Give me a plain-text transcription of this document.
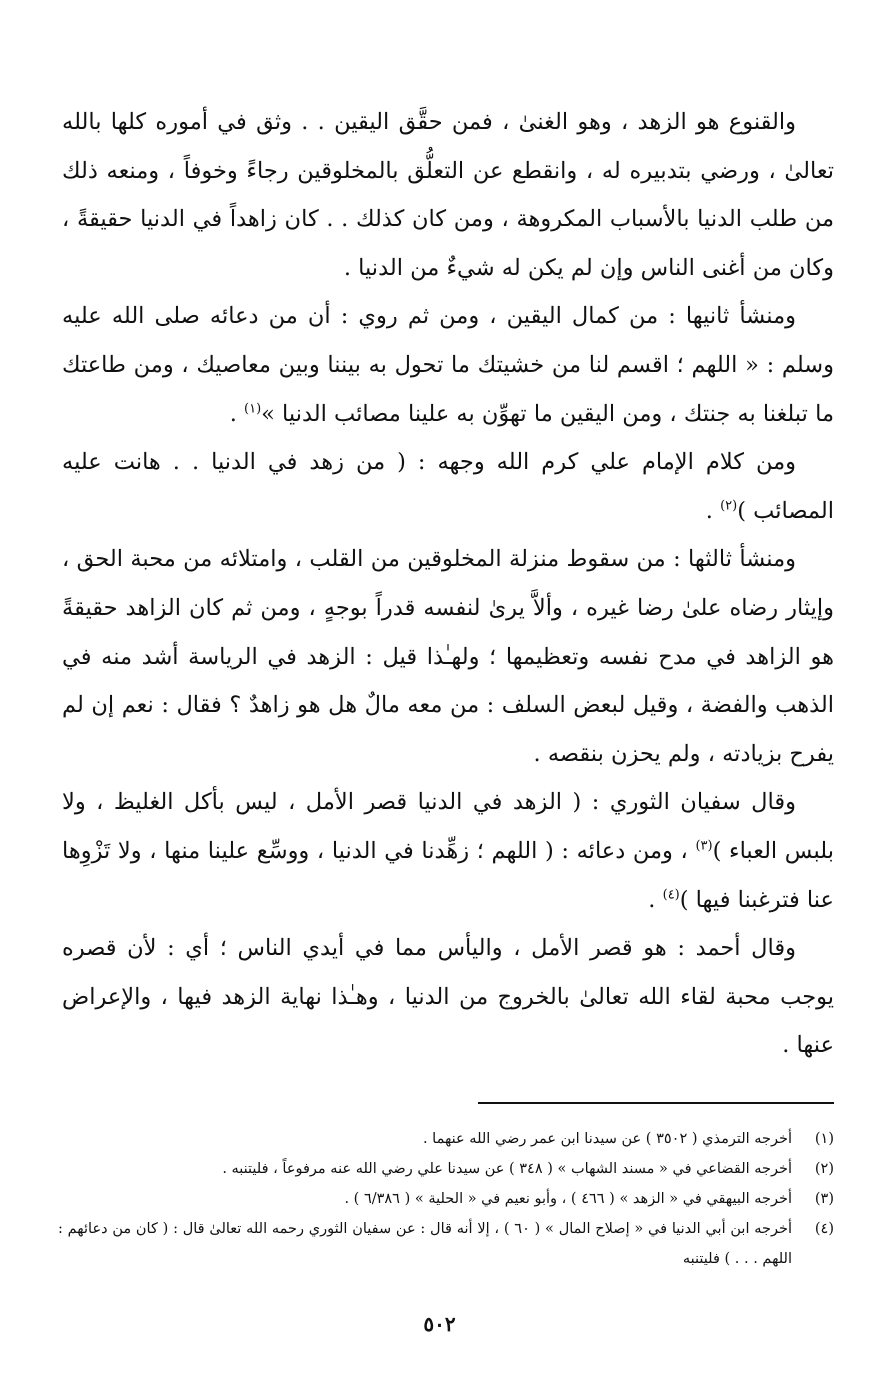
والقنوع هو الزهد ، وهو الغنىٰ ، فمن حقَّق اليقين . . وثق في أموره كلها بالله تعالىٰ ، ورضي بتدبيره له ، وانقطع عن التعلُّق بالمخلوقين رجاءً وخوفاً ، ومنعه ذلك من طلب الدنيا بالأسباب المكروهة ، ومن كان كذلك . . كان زاهداً في الدنيا حقيقةً ، وكان من أغنى الناس وإن لم يكن له شيءٌ من الدنيا .

ومنشأ ثانيها : من كمال اليقين ، ومن ثم روي : أن من دعائه صلى الله عليه وسلم : « اللهم ؛ اقسم لنا من خشيتك ما تحول به بيننا وبين معاصيك ، ومن طاعتك ما تبلغنا به جنتك ، ومن اليقين ما تهوِّن به علينا مصائب الدنيا »$^{(١)}$ .

ومن كلام الإمام علي كرم الله وجهه : ( من زهد في الدنيا . . هانت عليه المصائب )$^{(٢)}$ .

ومنشأ ثالثها : من سقوط منزلة المخلوقين من القلب ، وامتلائه من محبة الحق ، وإيثار رضاه علىٰ رضا غيره ، وألاَّ يرىٰ لنفسه قدراً بوجهٍ ، ومن ثم كان الزاهد حقيقةً هو الزاهد في مدح نفسه وتعظيمها ؛ ولهـٰذا قيل : الزهد في الرياسة أشد منه في الذهب والفضة ، وقيل لبعض السلف : من معه مالٌ هل هو زاهدٌ ؟ فقال : نعم إن لم يفرح بزيادته ، ولم يحزن بنقصه .

وقال سفيان الثوري : ( الزهد في الدنيا قصر الأمل ، ليس بأكل الغليظ ، ولا بلبس العباء )$^{(٣)}$ ، ومن دعائه : ( اللهم ؛ زهِّدنا في الدنيا ، ووسِّع علينا منها ، ولا تَزْوِها عنا فترغبنا فيها )$^{(٤)}$ .

وقال أحمد : هو قصر الأمل ، واليأس مما في أيدي الناس ؛ أي : لأن قصره يوجب محبة لقاء الله تعالىٰ بالخروج من الدنيا ، وهـٰذا نهاية الزهد فيها ، والإعراض عنها .

(١)
أخرجه الترمذي ( ٣٥٠٢ ) عن سيدنا ابن عمر رضي الله عنهما .
(٢)
أخرجه القضاعي في « مسند الشهاب » ( ٣٤٨ ) عن سيدنا علي رضي الله عنه مرفوعاً ، فليتنبه .
(٣)
أخرجه البيهقي في « الزهد » ( ٤٦٦ ) ، وأبو نعيم في « الحلية » ( ٦/٣٨٦ ) .
(٤)
أخرجه ابن أبي الدنيا في « إصلاح المال » ( ٦٠ ) ، إلا أنه قال : عن سفيان الثوري رحمه الله تعالىٰ قال : ( كان من دعائهم : اللهم . . . ) فليتنبه
٥٠٢
